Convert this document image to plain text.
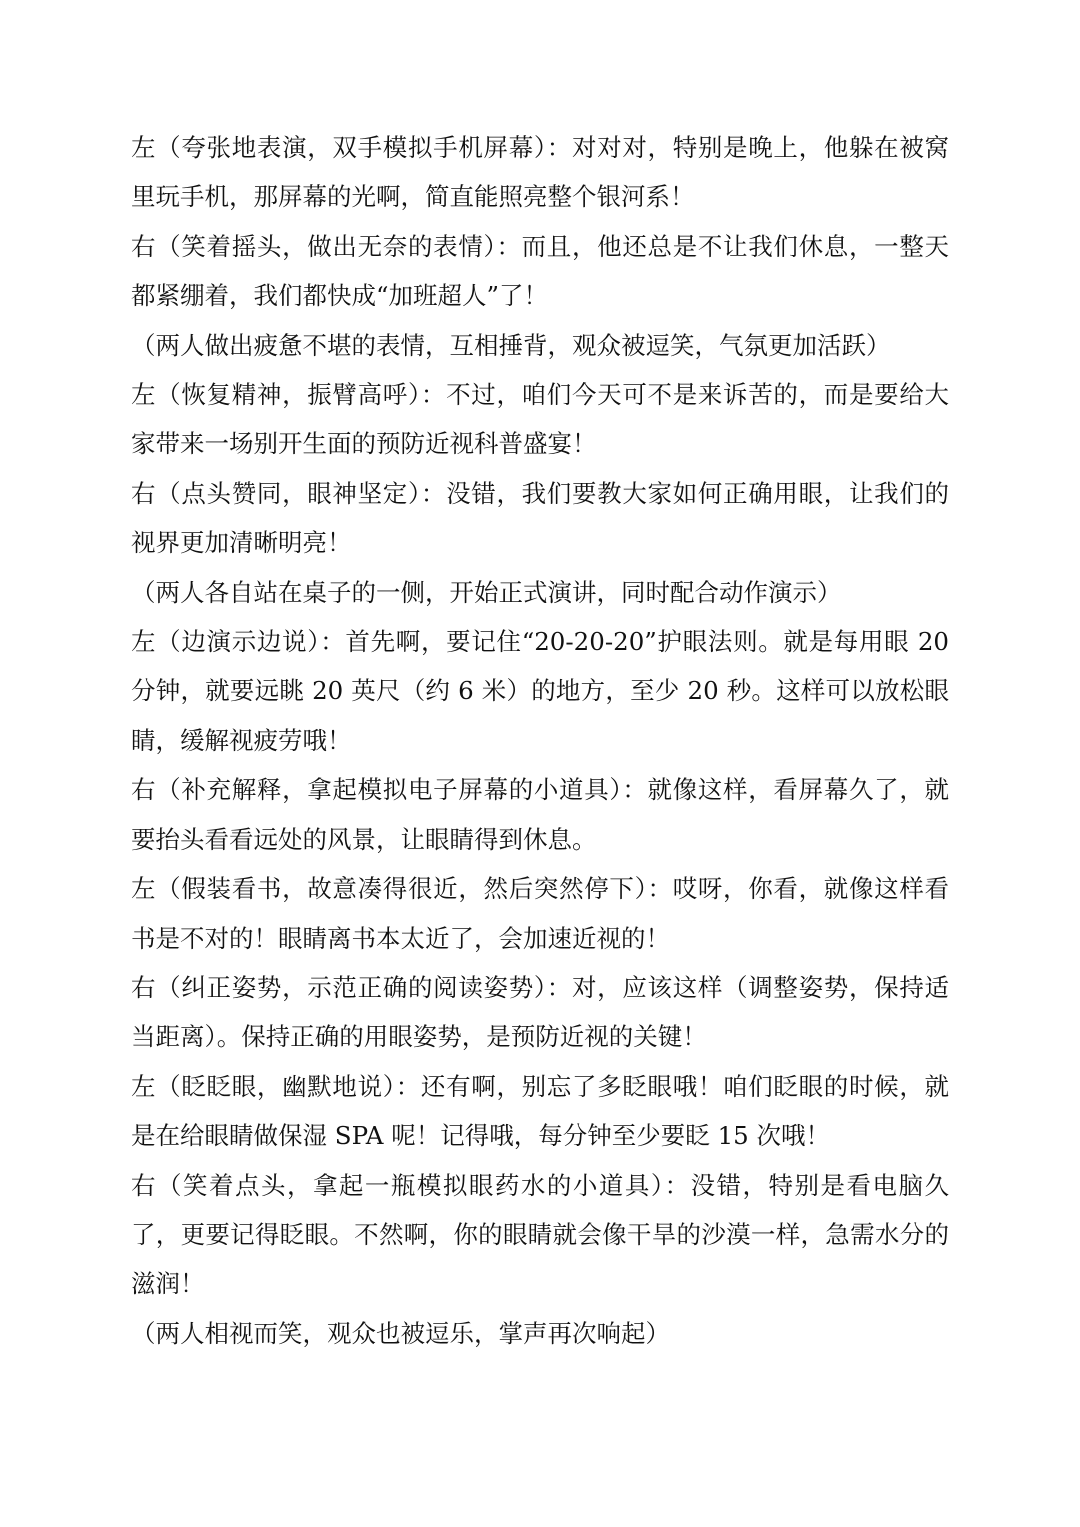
左（夸张地表演，双手模拟手机屏幕）：对对对，特别是晚上，他躲在被窝里玩手机，那屏幕的光啊，简直能照亮整个银河系！

右（笑着摇头，做出无奈的表情）：而且，他还总是不让我们休息，一整天都紧绷着，我们都快成“加班超人”了！

（两人做出疲惫不堪的表情，互相捶背，观众被逗笑，气氛更加活跃）

左（恢复精神，振臂高呼）：不过，咱们今天可不是来诉苦的，而是要给大家带来一场别开生面的预防近视科普盛宴！

右（点头赞同，眼神坚定）：没错，我们要教大家如何正确用眼，让我们的视界更加清晰明亮！

（两人各自站在桌子的一侧，开始正式演讲，同时配合动作演示）

左（边演示边说）：首先啊，要记住“20-20-20”护眼法则。就是每用眼 20 分钟，就要远眺 20 英尺（约 6 米）的地方，至少 20 秒。这样可以放松眼睛，缓解视疲劳哦！

右（补充解释，拿起模拟电子屏幕的小道具）：就像这样，看屏幕久了，就要抬头看看远处的风景，让眼睛得到休息。

左（假装看书，故意凑得很近，然后突然停下）：哎呀，你看，就像这样看书是不对的！眼睛离书本太近了，会加速近视的！

右（纠正姿势，示范正确的阅读姿势）：对，应该这样（调整姿势，保持适当距离）。保持正确的用眼姿势，是预防近视的关键！

左（眨眨眼，幽默地说）：还有啊，别忘了多眨眼哦！咱们眨眼的时候，就是在给眼睛做保湿 SPA 呢！记得哦，每分钟至少要眨 15 次哦！

右（笑着点头，拿起一瓶模拟眼药水的小道具）：没错，特别是看电脑久了，更要记得眨眼。不然啊，你的眼睛就会像干旱的沙漠一样，急需水分的滋润！

（两人相视而笑，观众也被逗乐，掌声再次响起）
